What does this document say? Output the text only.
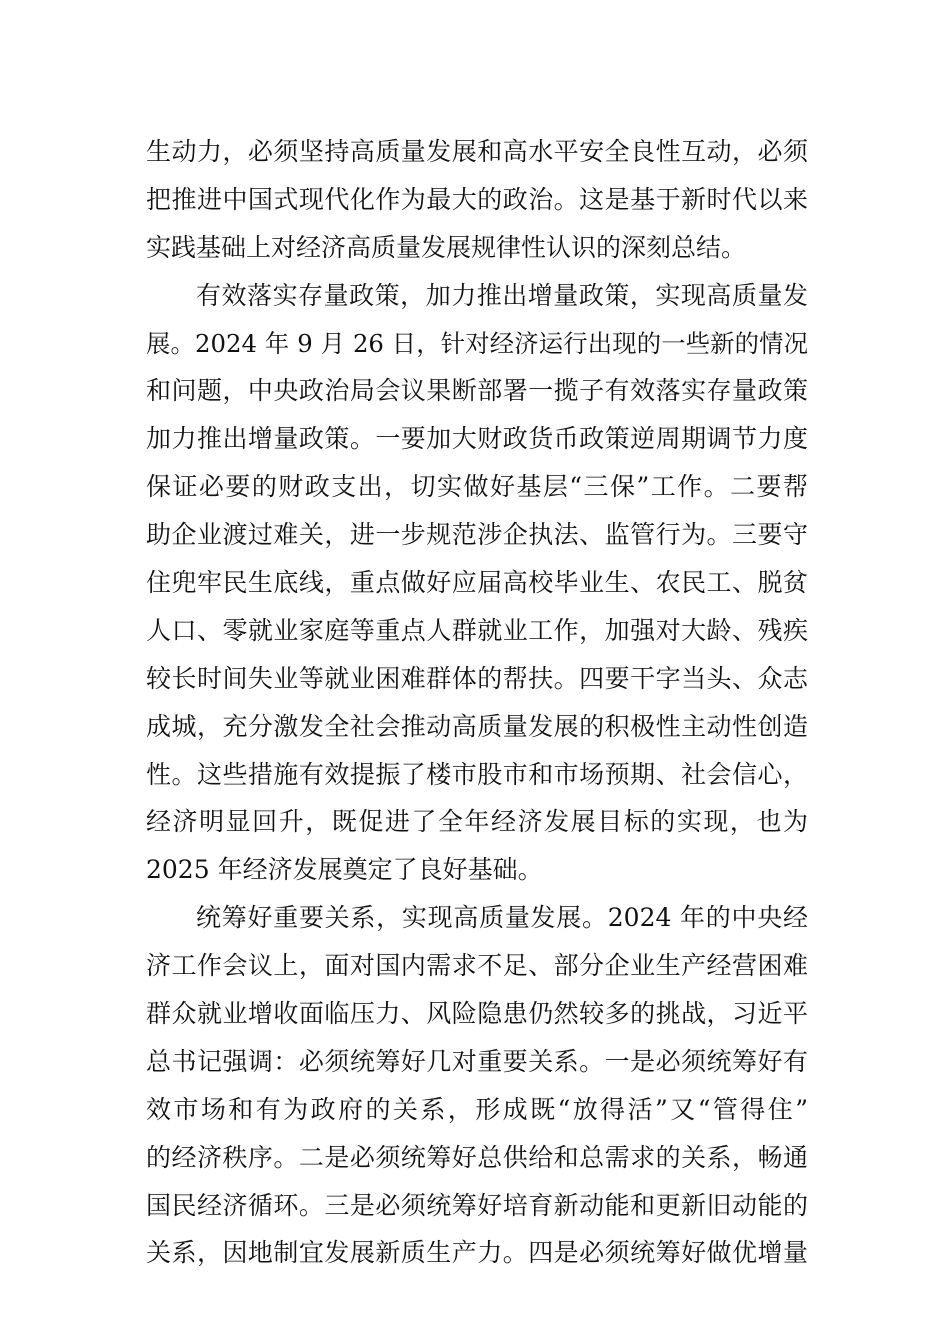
生动力，必须坚持高质量发展和高水平安全良性互动，必须
把推进中国式现代化作为最大的政治。这是基于新时代以来
实践基础上对经济高质量发展规律性认识的深刻总结。
有效落实存量政策，加力推出增量政策，实现高质量发
展。2024 年 9 月 26 日，针对经济运行出现的一些新的情况
和问题，中央政治局会议果断部署一揽子有效落实存量政策
加力推出增量政策。一要加大财政货币政策逆周期调节力度
保证必要的财政支出，切实做好基层“三保”工作。二要帮
助企业渡过难关，进一步规范涉企执法、监管行为。三要守
住兜牢民生底线，重点做好应届高校毕业生、农民工、脱贫
人口、零就业家庭等重点人群就业工作，加强对大龄、残疾
较长时间失业等就业困难群体的帮扶。四要干字当头、众志
成城，充分激发全社会推动高质量发展的积极性主动性创造
性。这些措施有效提振了楼市股市和市场预期、社会信心，
经济明显回升，既促进了全年经济发展目标的实现，也为
2025 年经济发展奠定了良好基础。
统筹好重要关系，实现高质量发展。2024 年的中央经
济工作会议上，面对国内需求不足、部分企业生产经营困难
群众就业增收面临压力、风险隐患仍然较多的挑战，习近平
总书记强调：必须统筹好几对重要关系。一是必须统筹好有
效市场和有为政府的关系，形成既“放得活”又“管得住”
的经济秩序。二是必须统筹好总供给和总需求的关系，畅通
国民经济循环。三是必须统筹好培育新动能和更新旧动能的
关系，因地制宜发展新质生产力。四是必须统筹好做优增量
